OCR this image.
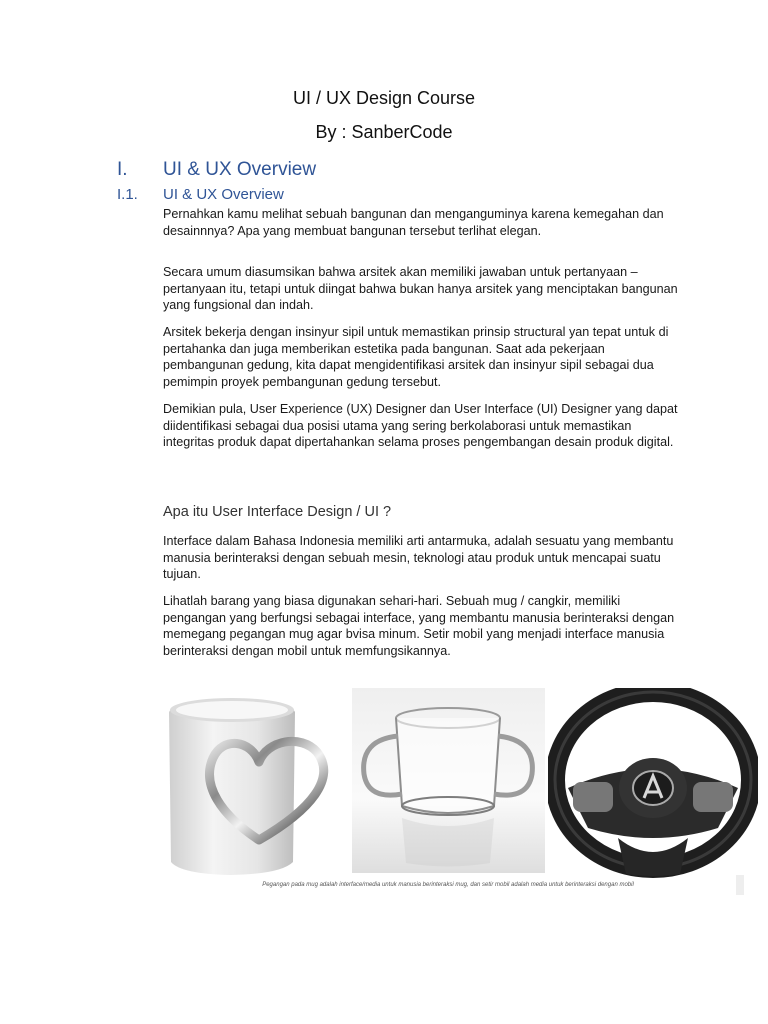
UI / UX Design Course
By : SanberCode
I. UI & UX Overview
I.1. UI & UX Overview

Pernahkan kamu melihat sebuah bangunan dan menganguminya karena kemegahan dan desainnnya? Apa yang membuat bangunan tersebut terlihat elegan.

Secara umum diasumsikan bahwa arsitek akan memiliki jawaban untuk pertanyaan – pertanyaan itu, tetapi untuk diingat bahwa bukan hanya arsitek yang menciptakan bangunan yang fungsional dan indah.

Arsitek bekerja dengan insinyur sipil untuk memastikan prinsip structural yan tepat untuk di pertahanka dan juga memberikan estetika pada bangunan. Saat ada pekerjaan pembangunan gedung, kita dapat mengidentifikasi arsitek dan insinyur sipil sebagai dua pemimpin proyek pembangunan gedung tersebut.

Demikian pula, User Experience (UX) Designer dan User Interface (UI) Designer yang dapat diidentifikasi sebagai dua posisi utama yang sering berkolaborasi untuk memastikan integritas produk dapat dipertahankan selama proses pengembangan desain produk digital.

Apa itu User Interface Design / UI ?

Interface dalam Bahasa Indonesia memiliki arti antarmuka, adalah sesuatu yang membantu manusia berinteraksi dengan sebuah mesin, teknologi atau produk untuk mencapai suatu tujuan.

Lihatlah barang yang biasa digunakan sehari-hari. Sebuah mug / cangkir, memiliki pengangan yang berfungsi sebagai interface, yang membantu manusia berinteraksi dengan memegang pegangan mug agar bvisa minum. Setir mobil yang menjadi interface manusia berinteraksi dengan mobil untuk memfungsikannya.

Pegangan pada mug adalah interface/media untuk manusia berinteraksi mug, dan setir mobil adalah media untuk berinteraksi dengan mobil
